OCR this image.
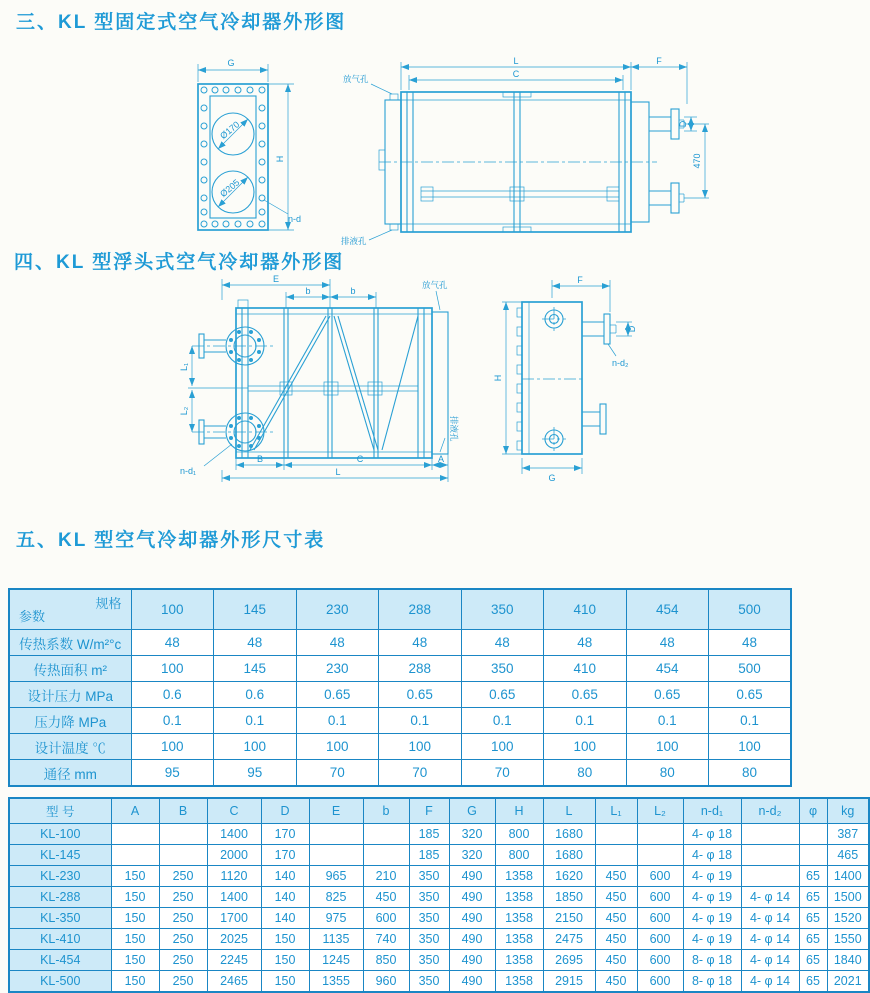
三、KL 型固定式空气冷却器外形图
G
Ø170
Ø205
H
n-d
L
C
F
放气孔
排液孔
D
470
四、KL 型浮头式空气冷却器外形图
E
b	b
L₁
L₂
n-d₁
B	C	A
L
放气孔
排液孔
F
D
n-d₂
H
G
五、KL 型空气冷却器外形尺寸表
规格
参数	100	145	230	288	350	410	454	500
传热系数 W/m²°c	48	48	48	48	48	48	48	48
传热面积 m²	100	145	230	288	350	410	454	500
设计压力 MPa	0.6	0.6	0.65	0.65	0.65	0.65	0.65	0.65
压力降 MPa	0.1	0.1	0.1	0.1	0.1	0.1	0.1	0.1
设计温度 ℃	100	100	100	100	100	100	100	100
通径 mm	95	95	70	70	70	80	80	80
型 号	A	B	C	D	E	b	F	G	H	L	L₁	L₂	n-d₁	n-d₂	φ	kg
KL-100			1400	170			185	320	800	1680			4- φ 18			387
KL-145			2000	170			185	320	800	1680			4- φ 18			465
KL-230	150	250	1120	140	965	210	350	490	1358	1620	450	600	4- φ 19		65	1400
KL-288	150	250	1400	140	825	450	350	490	1358	1850	450	600	4- φ 19	4- φ 14	65	1500
KL-350	150	250	1700	140	975	600	350	490	1358	2150	450	600	4- φ 19	4- φ 14	65	1520
KL-410	150	250	2025	150	1135	740	350	490	1358	2475	450	600	4- φ 19	4- φ 14	65	1550
KL-454	150	250	2245	150	1245	850	350	490	1358	2695	450	600	8- φ 18	4- φ 14	65	1840
KL-500	150	250	2465	150	1355	960	350	490	1358	2915	450	600	8- φ 18	4- φ 14	65	2021
